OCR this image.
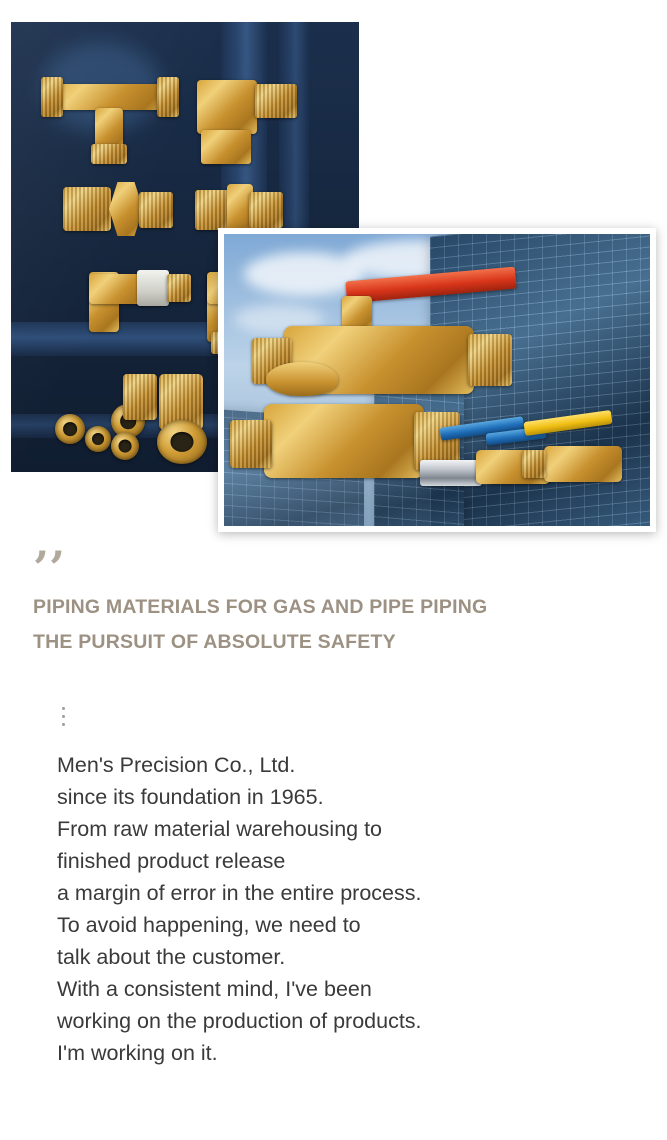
’’
PIPING MATERIALS FOR GAS AND PIPE PIPING
THE PURSUIT OF ABSOLUTE SAFETY
Men's Precision Co., Ltd.
since its foundation in 1965.
From raw material warehousing to
finished product release
a margin of error in the entire process.
To avoid happening, we need to
talk about the customer.
With a consistent mind, I've been
working on the production of products.
I'm working on it.
